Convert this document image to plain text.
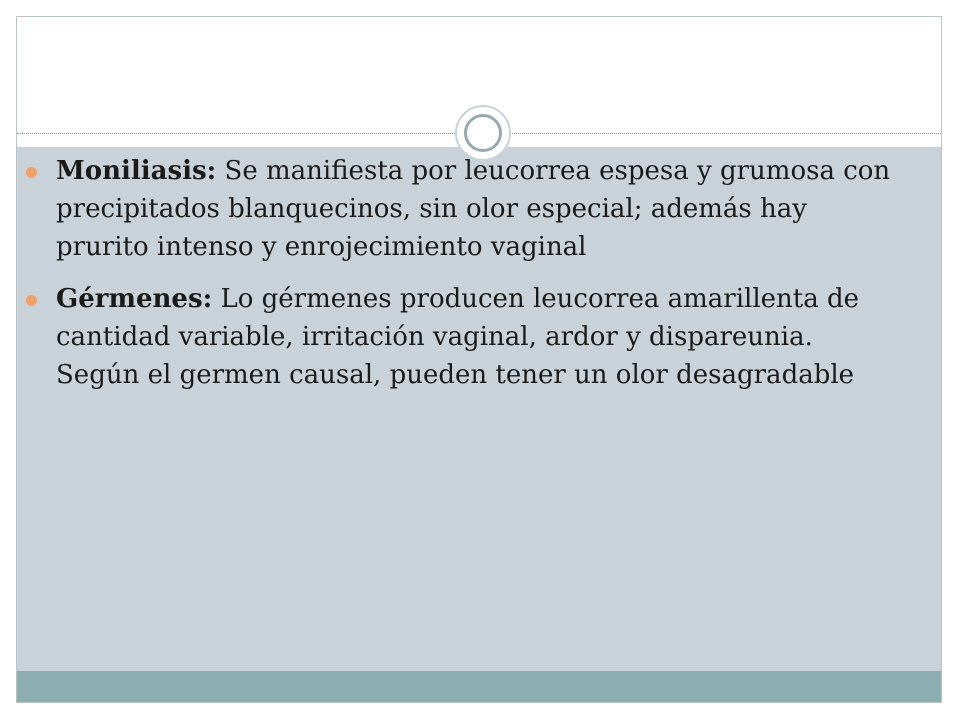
Moniliasis: Se manifiesta por leucorrea espesa y grumosa con precipitados blanquecinos, sin olor especial; además hay prurito intenso y enrojecimiento vaginal
Gérmenes: Lo gérmenes producen leucorrea amarillenta de cantidad variable, irritación vaginal, ardor y dispareunia. Según el germen causal, pueden tener un olor desagradable
